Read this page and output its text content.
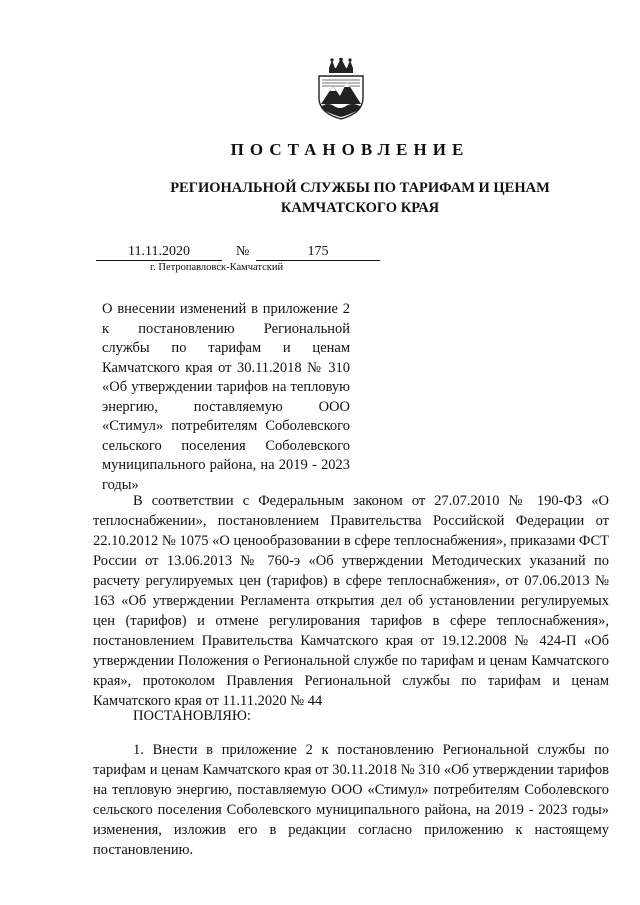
ПОСТАНОВЛЕНИЕ
РЕГИОНАЛЬНОЙ СЛУЖБЫ ПО ТАРИФАМ И ЦЕНАМ
КАМЧАТСКОГО КРАЯ
11.11.2020	№	175
г. Петропавловск-Камчатский
О внесении изменений в приложение 2 к постановлению Региональной службы по тарифам и ценам Камчатского края от 30.11.2018 № 310 «Об утверждении тарифов на тепловую энергию, поставляемую ООО «Стимул» потребителям Соболевского сельского поселения Соболевского муниципального района, на 2019 - 2023 годы»

В соответствии с Федеральным законом от 27.07.2010 № 190-ФЗ «О теплоснабжении», постановлением Правительства Российской Федерации от 22.10.2012 № 1075 «О ценообразовании в сфере теплоснабжения», приказами ФСТ России от 13.06.2013 № 760-э «Об утверждении Методических указаний по расчету регулируемых цен (тарифов) в сфере теплоснабжения», от 07.06.2013 № 163 «Об утверждении Регламента открытия дел об установлении регулируемых цен (тарифов) и отмене регулирования тарифов в сфере теплоснабжения», постановлением Правительства Камчатского края от 19.12.2008 № 424-П «Об утверждении Положения о Региональной службе по тарифам и ценам Камчатского края», протоколом Правления Региональной службы по тарифам и ценам Камчатского края от 11.11.2020 № 44

ПОСТАНОВЛЯЮ:

1. Внести в приложение 2 к постановлению Региональной службы по тарифам и ценам Камчатского края от 30.11.2018 № 310 «Об утверждении тарифов на тепловую энергию, поставляемую ООО «Стимул» потребителям Соболевского сельского поселения Соболевского муниципального района, на 2019 - 2023 годы» изменения, изложив его в редакции согласно приложению к настоящему постановлению.
